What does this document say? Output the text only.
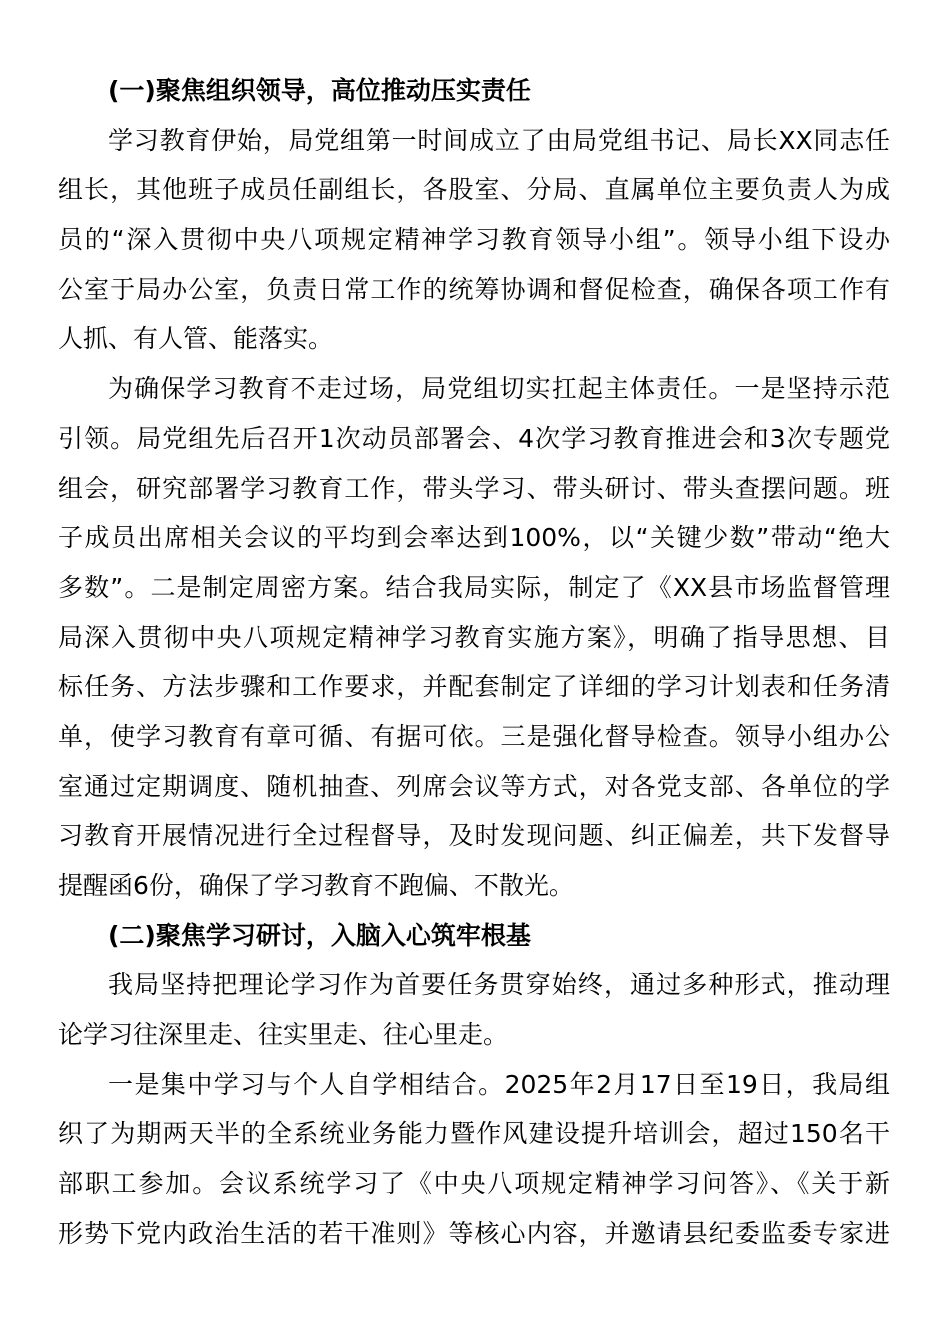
(一)聚焦组织领导，高位推动压实责任
学习教育伊始，局党组第一时间成立了由局党组书记、局长XX同志任
组长，其他班子成员任副组长，各股室、分局、直属单位主要负责人为成
员的“深入贯彻中央八项规定精神学习教育领导小组”。领导小组下设办
公室于局办公室，负责日常工作的统筹协调和督促检查，确保各项工作有
人抓、有人管、能落实。
为确保学习教育不走过场，局党组切实扛起主体责任。一是坚持示范
引领。局党组先后召开1次动员部署会、4次学习教育推进会和3次专题党
组会，研究部署学习教育工作，带头学习、带头研讨、带头查摆问题。班
子成员出席相关会议的平均到会率达到100%，以“关键少数”带动“绝大
多数”。二是制定周密方案。结合我局实际，制定了《XX县市场监督管理
局深入贯彻中央八项规定精神学习教育实施方案》，明确了指导思想、目
标任务、方法步骤和工作要求，并配套制定了详细的学习计划表和任务清
单，使学习教育有章可循、有据可依。三是强化督导检查。领导小组办公
室通过定期调度、随机抽查、列席会议等方式，对各党支部、各单位的学
习教育开展情况进行全过程督导，及时发现问题、纠正偏差，共下发督导
提醒函6份，确保了学习教育不跑偏、不散光。
(二)聚焦学习研讨，入脑入心筑牢根基
我局坚持把理论学习作为首要任务贯穿始终，通过多种形式，推动理
论学习往深里走、往实里走、往心里走。
一是集中学习与个人自学相结合。2025年2月17日至19日，我局组
织了为期两天半的全系统业务能力暨作风建设提升培训会，超过150名干
部职工参加。会议系统学习了《中央八项规定精神学习问答》、《关于新
形势下党内政治生活的若干准则》等核心内容，并邀请县纪委监委专家进
